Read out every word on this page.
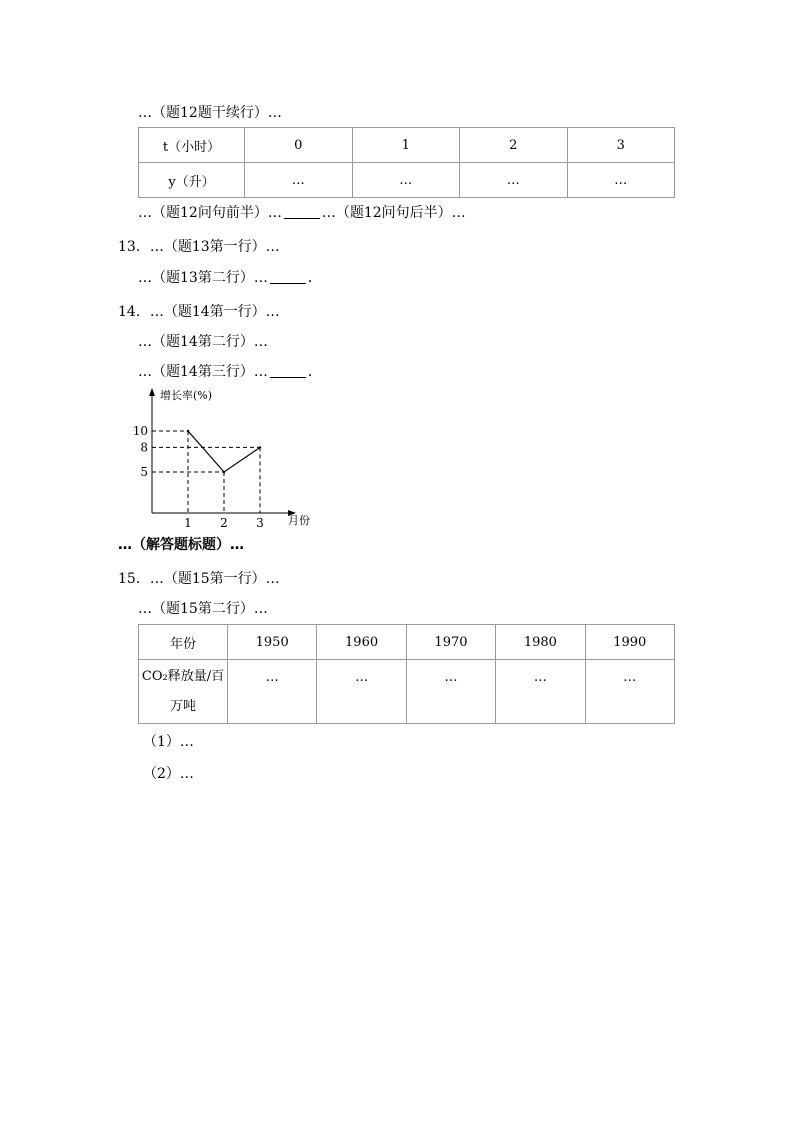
…（题12题干续行）…
t（小时）	0	1	2	3
y（升）	…	…	…	…
…（题12问句前半）…	…（题12问句后半）…
13．…（题13第一行）…
…（题13第二行）…	．
14．…（题14第一行）…
…（题14第二行）…
…（题14第三行）…	．
增长率(%)
月份
1 2 3
5
8
10
…（解答题标题）…
15．…（题15第一行）…
…（题15第二行）…
年份	1950	1960	1970	1980	1990
CO₂释放量/百
万吨	…	…	…	…	…
（1）…
（2）…
